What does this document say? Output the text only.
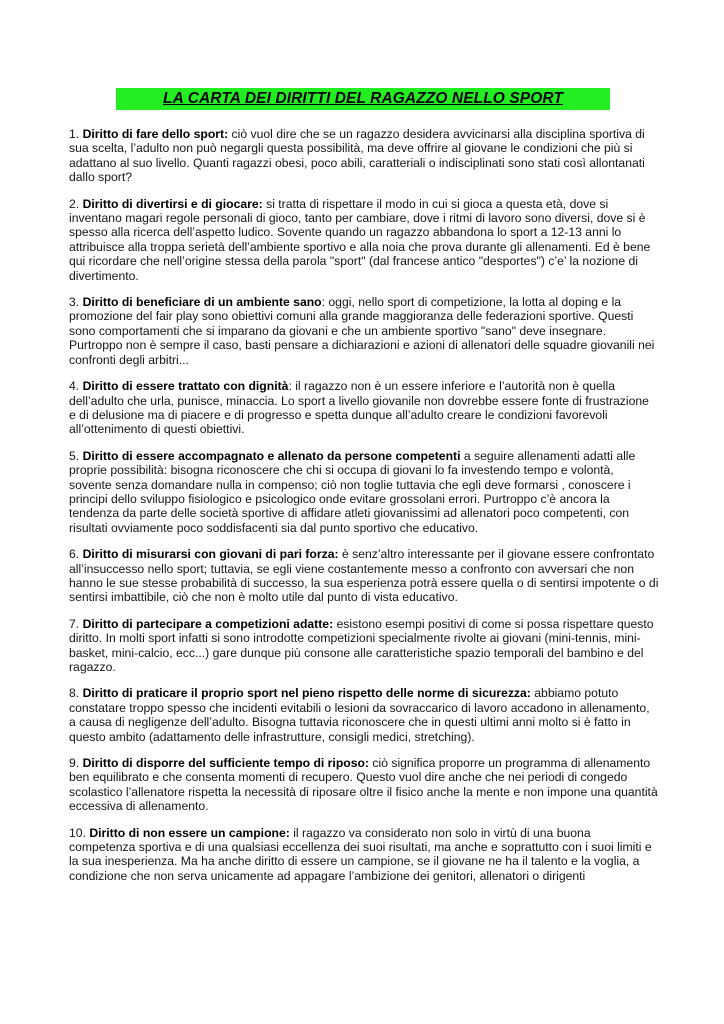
LA CARTA DEI DIRITTI DEL RAGAZZO NELLO SPORT

1. Diritto di fare dello sport: ciò vuol dire che se un ragazzo desidera avvicinarsi alla disciplina sportiva di sua scelta, l’adulto non può negargli questa possibilità, ma deve offrire al giovane le condizioni che più si adattano al suo livello. Quanti ragazzi obesi, poco abili, caratteriali o indisciplinati sono stati così allontanati dallo sport?

2. Diritto di divertirsi e di giocare: si tratta di rispettare il modo in cui si gioca a questa età, dove si inventano magari regole personali di gioco, tanto per cambiare, dove i ritmi di lavoro sono diversi, dove si è spesso alla ricerca dell’aspetto ludico. Sovente quando un ragazzo abbandona lo sport a 12-13 anni lo attribuisce alla troppa serietà dell’ambiente sportivo e alla noia che prova durante gli allenamenti. Ed è bene qui ricordare che nell’origine stessa della parola "sport" (dal francese antico "desportes") c’e’ la nozione di divertimento.

3. Diritto di beneficiare di un ambiente sano: oggi, nello sport di competizione, la lotta al doping e la promozione del fair play sono obiettivi comuni alla grande maggioranza delle federazioni sportive. Questi sono comportamenti che si imparano da giovani e che un ambiente sportivo "sano" deve insegnare. Purtroppo non è sempre il caso, basti pensare a dichiarazioni e azioni di allenatori delle squadre giovanili nei confronti degli arbitri...

4. Diritto di essere trattato con dignità: il ragazzo non è un essere inferiore e l’autorità non è quella dell’adulto che urla, punisce, minaccia. Lo sport a livello giovanile non dovrebbe essere fonte di frustrazione e di delusione ma di piacere e di progresso e spetta dunque all’adulto creare le condizioni favorevoli all’ottenimento di questi obiettivi.

5. Diritto di essere accompagnato e allenato da persone competenti a seguire allenamenti adatti alle proprie possibilità: bisogna riconoscere che chi si occupa di giovani lo fa investendo tempo e volontà, sovente senza domandare nulla in compenso; ciò non toglie tuttavia che egli deve formarsi , conoscere i principi dello sviluppo fisiologico e psicologico onde evitare grossolani errori. Purtroppo c’è ancora la tendenza da parte delle società sportive di affidare atleti giovanissimi ad allenatori poco competenti, con risultati ovviamente poco soddisfacenti sia dal punto sportivo che educativo.

6. Diritto di misurarsi con giovani di pari forza: è senz’altro interessante per il giovane essere confrontato all’insuccesso nello sport; tuttavia, se egli viene costantemente messo a confronto con avversari che non hanno le sue stesse probabilità di successo, la sua esperienza potrà essere quella o di sentirsi impotente o di sentirsi imbattibile, ciò che non è molto utile dal punto di vista educativo.

7. Diritto di partecipare a competizioni adatte: esistono esempi positivi di come si possa rispettare questo diritto. In molti sport infatti si sono introdotte competizioni specialmente rivolte ai giovani (mini-tennis, mini-basket, mini-calcio, ecc...) gare dunque più consone alle caratteristiche spazio temporali del bambino e del ragazzo.

8. Diritto di praticare il proprio sport nel pieno rispetto delle norme di sicurezza: abbiamo potuto constatare troppo spesso che incidenti evitabili o lesioni da sovraccarico di lavoro accadono in allenamento, a causa di negligenze dell’adulto. Bisogna tuttavia riconoscere che in questi ultimi anni molto si è fatto in questo ambito (adattamento delle infrastrutture, consigli medici, stretching).

9. Diritto di disporre del sufficiente tempo di riposo: ciò significa proporre un programma di allenamento ben equilibrato e che consenta momenti di recupero. Questo vuol dire anche che nei periodi di congedo scolastico l’allenatore rispetta la necessità di riposare oltre il fisico anche la mente e non impone una quantità eccessiva di allenamento.

10. Diritto di non essere un campione: il ragazzo va considerato non solo in virtù di una buona competenza sportiva e di una qualsiasi eccellenza dei suoi risultati, ma anche e soprattutto con i suoi limiti e la sua inesperienza. Ma ha anche diritto di essere un campione, se il giovane ne ha il talento e la voglia, a condizione che non serva unicamente ad appagare l’ambizione dei genitori, allenatori o dirigenti
